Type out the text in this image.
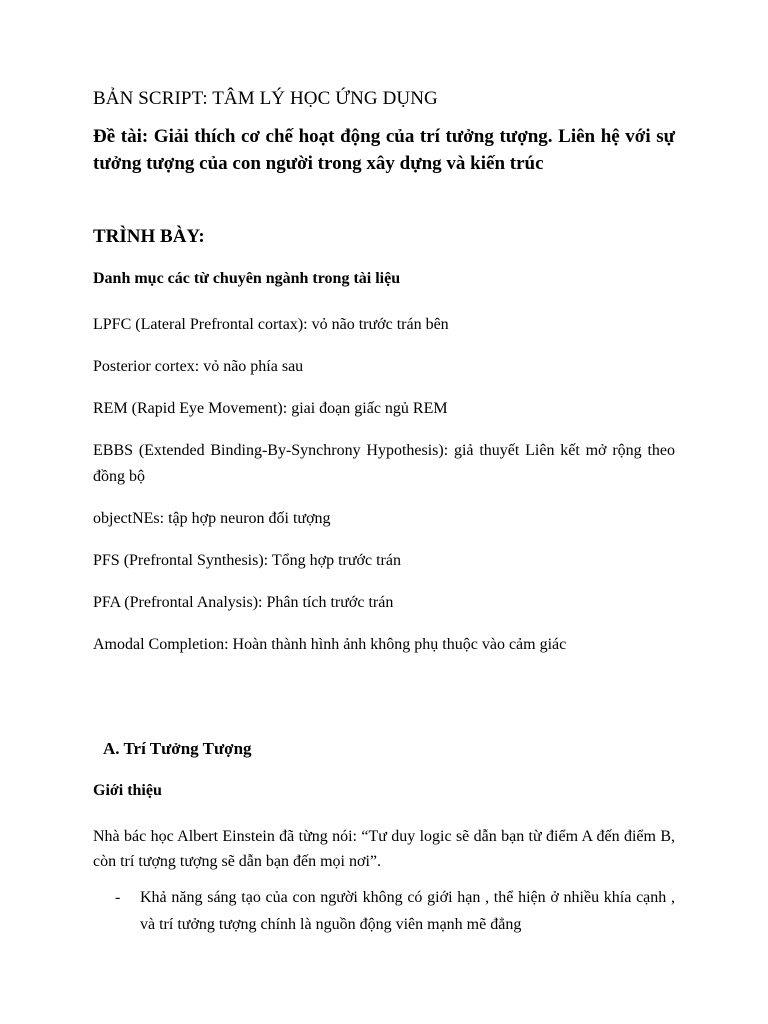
BẢN SCRIPT: TÂM LÝ HỌC ỨNG DỤNG

Đề tài: Giải thích cơ chế hoạt động của trí tưởng tượng. Liên hệ với sự tưởng tượng của con người trong xây dựng và kiến trúc

TRÌNH BÀY:

Danh mục các từ chuyên ngành trong tài liệu

LPFC (Lateral Prefrontal cortax): vỏ não trước trán bên

Posterior cortex: vỏ não phía sau

REM (Rapid Eye Movement): giai đoạn giấc ngủ REM

EBBS (Extended Binding-By-Synchrony Hypothesis): giả thuyết Liên kết mở rộng theo đồng bộ

objectNEs: tập hợp neuron đối tượng

PFS (Prefrontal Synthesis): Tổng hợp trước trán

PFA (Prefrontal Analysis): Phân tích trước trán

Amodal Completion: Hoàn thành hình ảnh không phụ thuộc vào cảm giác

A. Trí Tưởng Tượng

Giới thiệu

Nhà bác học Albert Einstein đã từng nói: “Tư duy logic sẽ dẫn bạn từ điểm A đến điểm B, còn trí tượng tượng sẽ dẫn bạn đến mọi nơi”.

-	Khả năng sáng tạo của con người không có giới hạn , thể hiện ở nhiều khía cạnh , và trí tưởng tượng chính là nguồn động viên mạnh mẽ đẳng
